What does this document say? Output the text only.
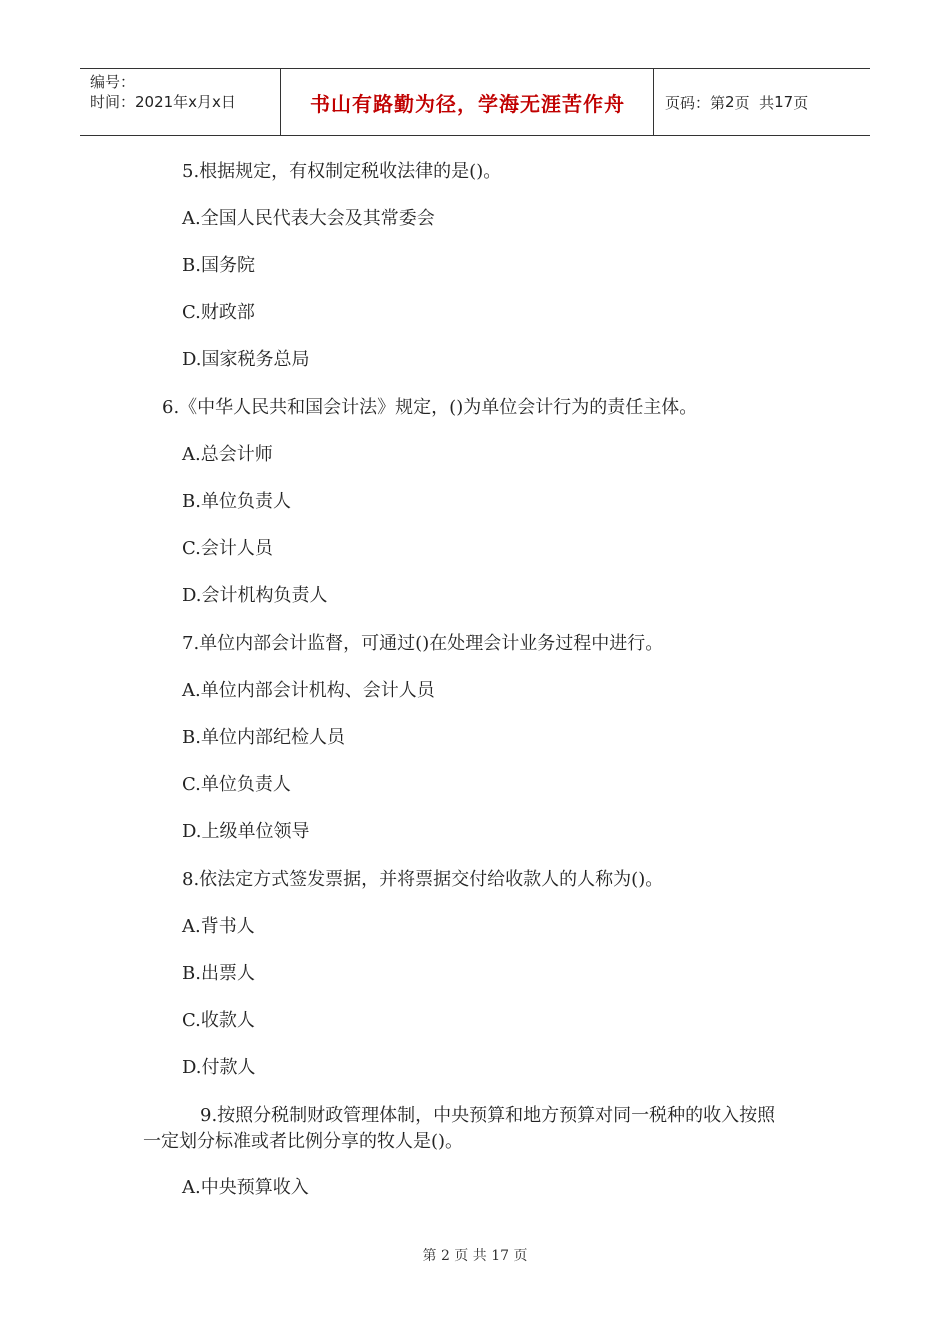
编号：
时间：2021年x月x日	书山有路勤为径，学海无涯苦作舟	页码：第 2 页  共 17 页
5.根据规定，有权制定税收法律的是()。
A.全国人民代表大会及其常委会
B.国务院
C.财政部
D.国家税务总局
6.《中华人民共和国会计法》规定，()为单位会计行为的责任主体。
A.总会计师
B.单位负责人
C.会计人员
D.会计机构负责人
7.单位内部会计监督，可通过()在处理会计业务过程中进行。
A.单位内部会计机构、会计人员
B.单位内部纪检人员
C.单位负责人
D.上级单位领导
8.依法定方式签发票据，并将票据交付给收款人的人称为()。
A.背书人
B.出票人
C.收款人
D.付款人
9.按照分税制财政管理体制，中央预算和地方预算对同一税种的收入按照
一定划分标准或者比例分享的牧人是()。
A.中央预算收入
第 2 页 共 17 页
